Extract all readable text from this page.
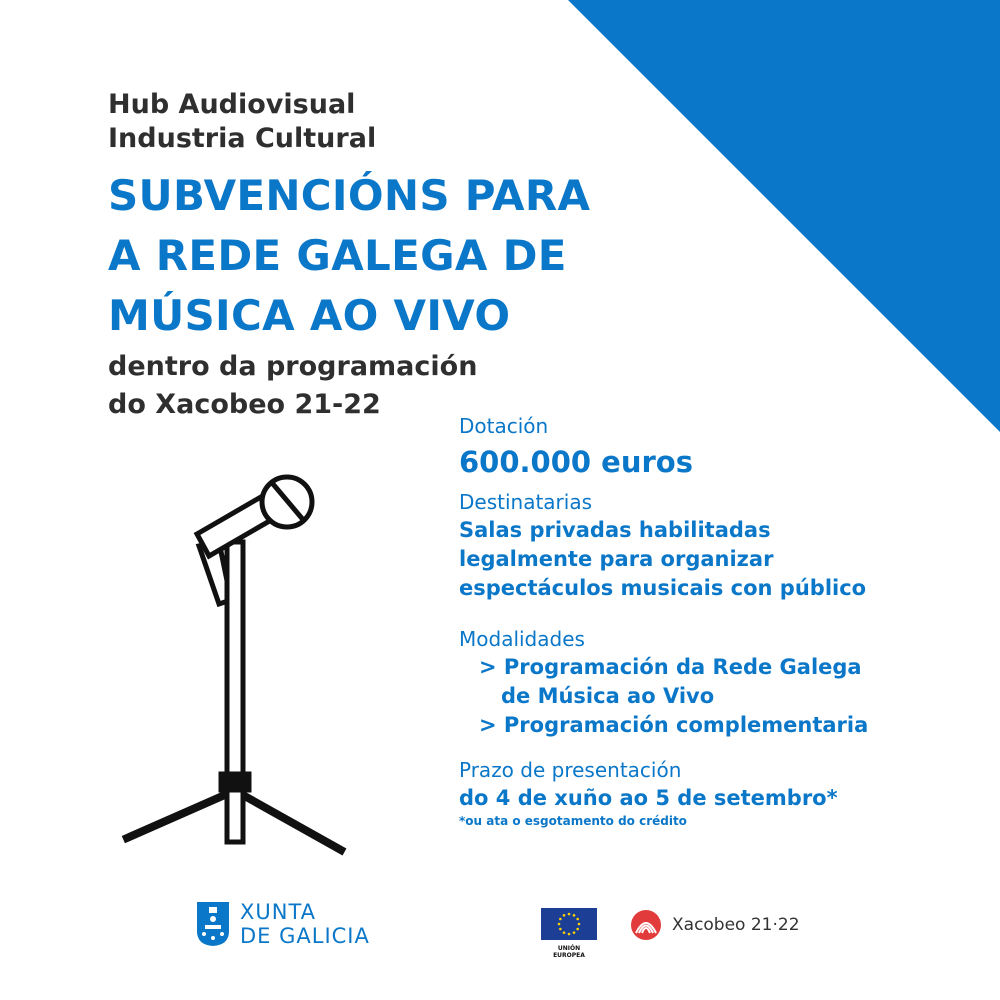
Hub Audiovisual
Industria Cultural
SUBVENCIÓNS PARA
A REDE GALEGA DE
MÚSICA AO VIVO
dentro da programación
do Xacobeo 21-22
Dotación
600.000 euros
Destinatarias
Salas privadas habilitadas
legalmente para organizar
espectáculos musicais con público
Modalidades
> Programación da Rede Galega
de Música ao Vivo
> Programación complementaria
Prazo de presentación
do 4 de xuño ao 5 de setembro*
*ou ata o esgotamento do crédito
XUNTA
DE GALICIA
UNIÓN EUROPEA
Xacobeo 21·22
